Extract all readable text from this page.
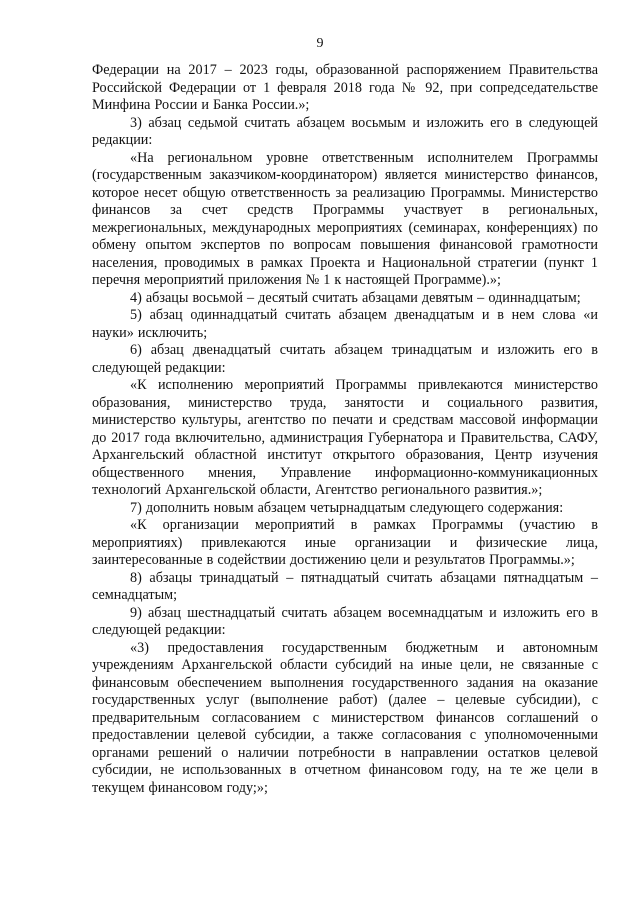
9

Федерации на 2017 – 2023 годы, образованной распоряжением Правительства Российской Федерации от 1 февраля 2018 года № 92, при сопредседательстве Минфина России и Банка России.»;

3) абзац седьмой считать абзацем восьмым и изложить его в следующей редакции:

«На региональном уровне ответственным исполнителем Программы (государственным заказчиком-координатором) является министерство финансов, которое несет общую ответственность за реализацию Программы. Министерство финансов за счет средств Программы участвует в региональных, межрегиональных, международных мероприятиях (семинарах, конференциях) по обмену опытом экспертов по вопросам повышения финансовой грамотности населения, проводимых в рамках Проекта и Национальной стратегии (пункт 1 перечня мероприятий приложения № 1 к настоящей Программе).»;

4) абзацы восьмой – десятый считать абзацами девятым – одиннадцатым;

5) абзац одиннадцатый считать абзацем двенадцатым и в нем слова «и науки» исключить;

6) абзац двенадцатый считать абзацем тринадцатым и изложить его в следующей редакции:

«К исполнению мероприятий Программы привлекаются министерство образования, министерство труда, занятости и социального развития, министерство культуры, агентство по печати и средствам массовой информации до 2017 года включительно, администрация Губернатора и Правительства, САФУ, Архангельский областной институт открытого образования, Центр изучения общественного мнения, Управление информационно-коммуникационных технологий Архангельской области, Агентство регионального развития.»;

7) дополнить новым абзацем четырнадцатым следующего содержания:

«К организации мероприятий в рамках Программы (участию в мероприятиях) привлекаются иные организации и физические лица, заинтересованные в содействии достижению цели и результатов Программы.»;

8) абзацы тринадцатый – пятнадцатый считать абзацами пятнадцатым – семнадцатым;

9) абзац шестнадцатый считать абзацем восемнадцатым и изложить его в следующей редакции:

«3) предоставления государственным бюджетным и автономным учреждениям Архангельской области субсидий на иные цели, не связанные с финансовым обеспечением выполнения государственного задания на оказание государственных услуг (выполнение работ) (далее – целевые субсидии), с предварительным согласованием с министерством финансов соглашений о предоставлении целевой субсидии, а также согласования с уполномоченными органами решений о наличии потребности в направлении остатков целевой субсидии, не использованных в отчетном финансовом году, на те же цели в текущем финансовом году;»;
